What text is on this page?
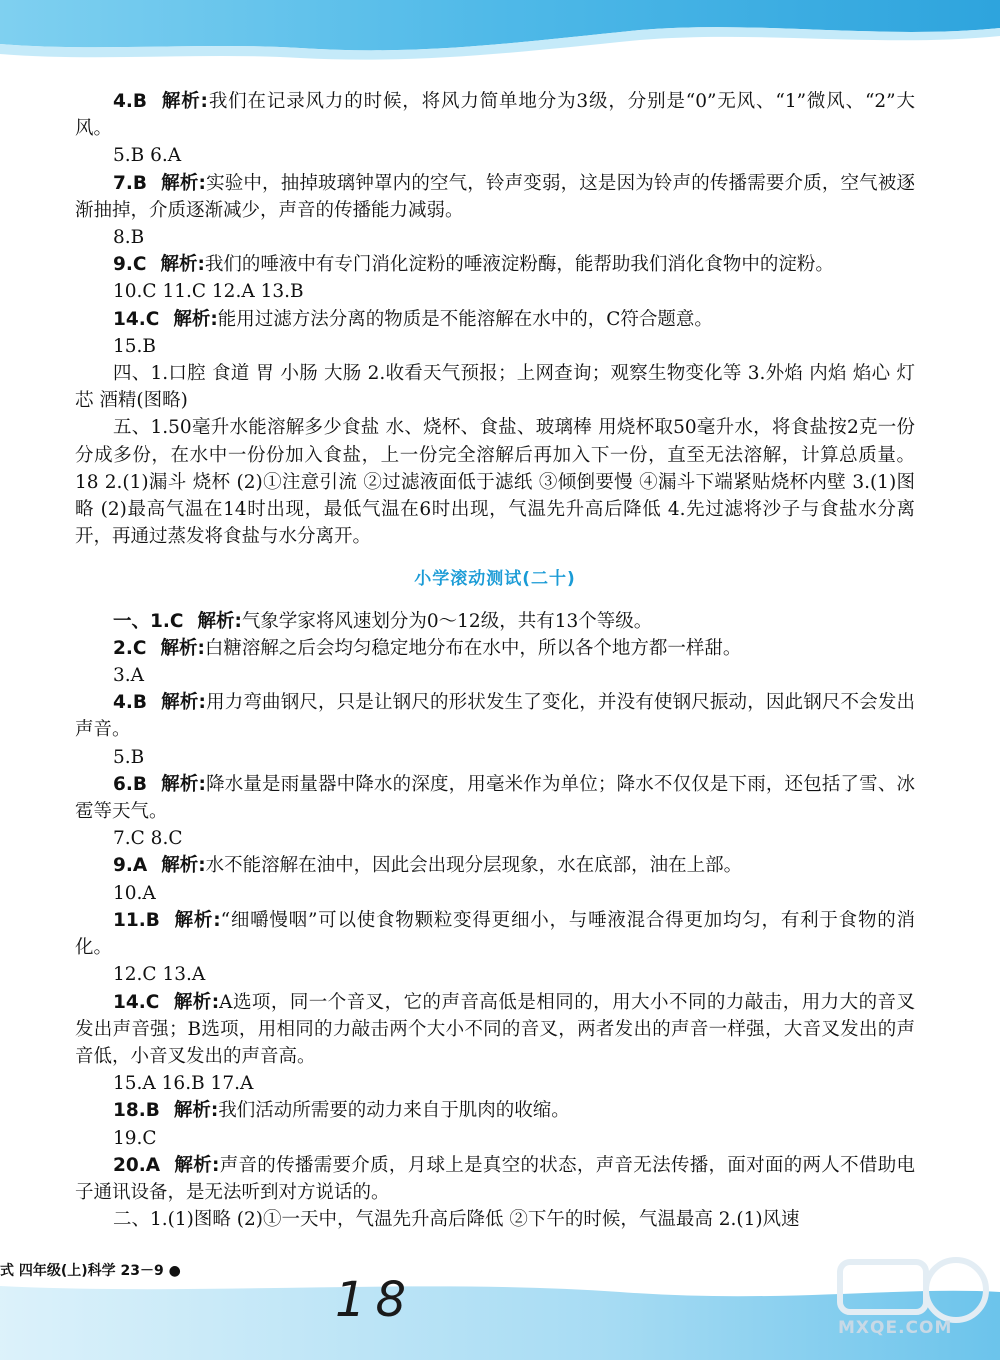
4.B 解析:我们在记录风力的时候，将风力简单地分为3级，分别是“0”无风、“1”微风、“2”大风。

5.B 6.A

7.B 解析:实验中，抽掉玻璃钟罩内的空气，铃声变弱，这是因为铃声的传播需要介质，空气被逐渐抽掉，介质逐渐减少，声音的传播能力减弱。

8.B

9.C 解析:我们的唾液中有专门消化淀粉的唾液淀粉酶，能帮助我们消化食物中的淀粉。

10.C 11.C 12.A 13.B

14.C 解析:能用过滤方法分离的物质是不能溶解在水中的，C符合题意。

15.B

四、1.口腔 食道 胃 小肠 大肠 2.收看天气预报；上网查询；观察生物变化等 3.外焰 内焰 焰心 灯芯 酒精(图略)

五、1.50毫升水能溶解多少食盐 水、烧杯、食盐、玻璃棒 用烧杯取50毫升水，将食盐按2克一份分成多份，在水中一份份加入食盐，上一份完全溶解后再加入下一份，直至无法溶解，计算总质量。 18 2.(1)漏斗 烧杯 (2)①注意引流 ②过滤液面低于滤纸 ③倾倒要慢 ④漏斗下端紧贴烧杯内壁 3.(1)图略 (2)最高气温在14时出现，最低气温在6时出现，气温先升高后降低 4.先过滤将沙子与食盐水分离开，再通过蒸发将食盐与水分离开。

小学滚动测试(二十)

一、1.C 解析:气象学家将风速划分为0～12级，共有13个等级。

2.C 解析:白糖溶解之后会均匀稳定地分布在水中，所以各个地方都一样甜。

3.A

4.B 解析:用力弯曲钢尺，只是让钢尺的形状发生了变化，并没有使钢尺振动，因此钢尺不会发出声音。

5.B

6.B 解析:降水量是雨量器中降水的深度，用毫米作为单位；降水不仅仅是下雨，还包括了雪、冰雹等天气。

7.C 8.C

9.A 解析:水不能溶解在油中，因此会出现分层现象，水在底部，油在上部。

10.A

11.B 解析:“细嚼慢咽”可以使食物颗粒变得更细小，与唾液混合得更加均匀，有利于食物的消化。

12.C 13.A

14.C 解析:A选项，同一个音叉，它的声音高低是相同的，用大小不同的力敲击，用力大的音叉发出声音强；B选项，用相同的力敲击两个大小不同的音叉，两者发出的声音一样强，大音叉发出的声音低，小音叉发出的声音高。

15.A 16.B 17.A

18.B 解析:我们活动所需要的动力来自于肌肉的收缩。

19.C

20.A 解析:声音的传播需要介质，月球上是真空的状态，声音无法传播，面对面的两人不借助电子通讯设备，是无法听到对方说话的。

二、1.(1)图略 (2)①一天中，气温先升高后降低 ②下午的时候，气温最高 2.(1)风速

式 四年级(上)科学 23－9 ●
18	MXQE.COM
